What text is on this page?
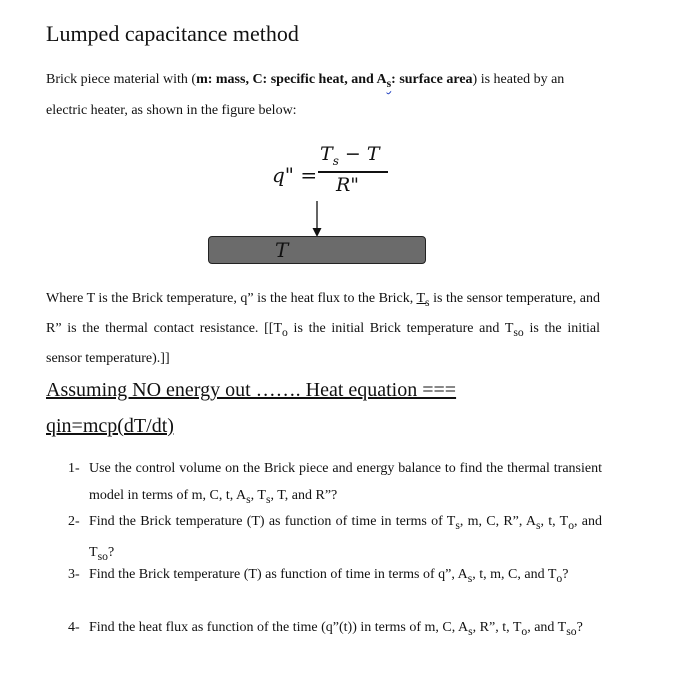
Lumped capacitance method
Brick piece material with (m: mass, C: specific heat, and $A_s$: surface area) is heated by an electric heater, as shown in the figure below:
q" =
$T_s - T$
R"
T
Where T is the Brick temperature, q” is the heat flux to the Brick, $T_s$ is the sensor temperature, and R” is the thermal contact resistance. [[$T_o$ is the initial Brick temperature and $T_{so}$ is the initial sensor temperature).]]
Assuming NO energy out ……. Heat equation ===
qin=mcp(dT/dt)
1- Use the control volume on the Brick piece and energy balance to find the thermal transient model in terms of m, C, t, $A_s$, $T_s$, T, and R”?
2- Find the Brick temperature (T) as function of time in terms of $T_s$, m, C, R”, $A_s$, t, $T_o$, and $T_{so}$?
3- Find the Brick temperature (T) as function of time in terms of q”, $A_s$, t, m, C, and $T_o$?
4- Find the heat flux as function of the time (q”(t)) in terms of m, C, $A_s$, R”, t, $T_o$, and $T_{so}$?
